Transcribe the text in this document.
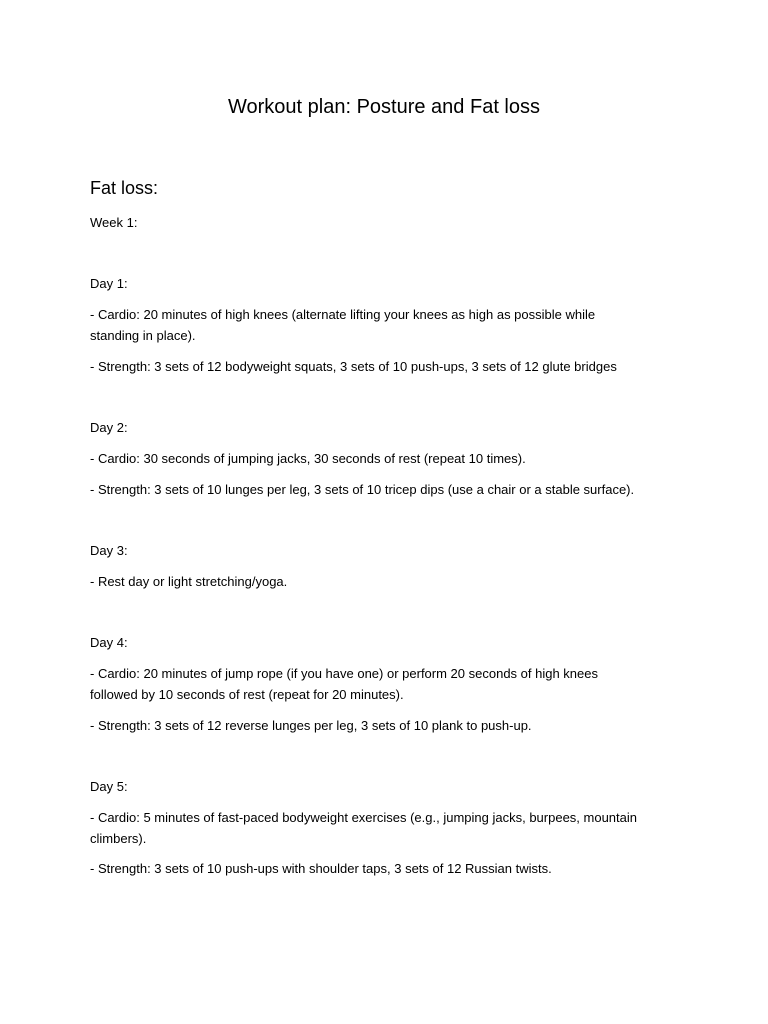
Workout plan: Posture and Fat loss
Fat loss:
Week 1:
Day 1:
- Cardio: 20 minutes of high knees (alternate lifting your knees as high as possible while
standing in place).
- Strength: 3 sets of 12 bodyweight squats, 3 sets of 10 push-ups, 3 sets of 12 glute bridges
Day 2:
- Cardio: 30 seconds of jumping jacks, 30 seconds of rest (repeat 10 times).
- Strength: 3 sets of 10 lunges per leg, 3 sets of 10 tricep dips (use a chair or a stable surface).
Day 3:
- Rest day or light stretching/yoga.
Day 4:
- Cardio: 20 minutes of jump rope (if you have one) or perform 20 seconds of high knees
followed by 10 seconds of rest (repeat for 20 minutes).
- Strength: 3 sets of 12 reverse lunges per leg, 3 sets of 10 plank to push-up.
Day 5:
- Cardio: 5 minutes of fast-paced bodyweight exercises (e.g., jumping jacks, burpees, mountain
climbers).
- Strength: 3 sets of 10 push-ups with shoulder taps, 3 sets of 12 Russian twists.
